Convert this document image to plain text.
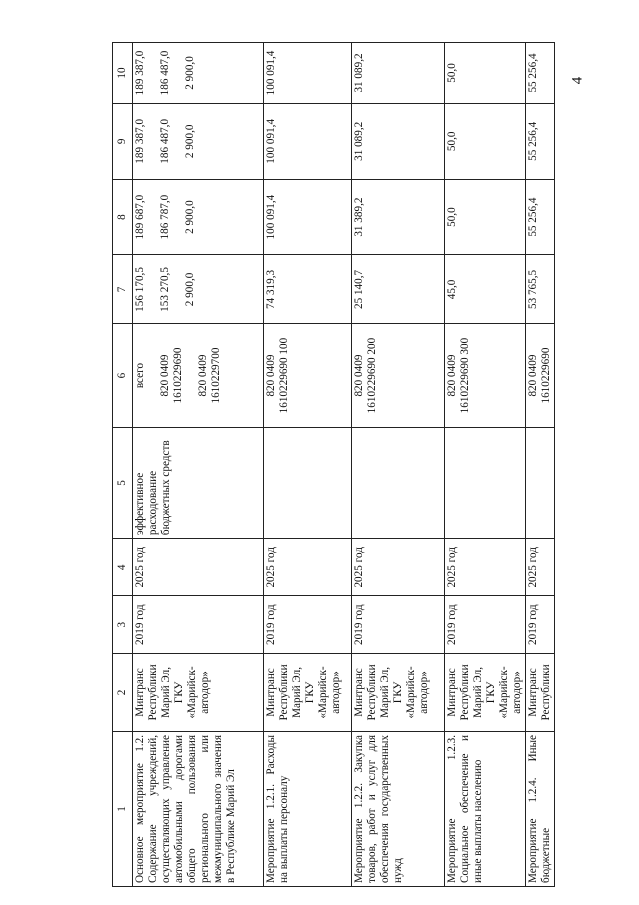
4
1	2	3	4	5	6	7	8	9	10
Основное мероприятие 1.2. Содержание учреждений, осуществляющих управление автомобильными дорогами общего пользования регионального или межмуниципального значения в Республике Марий Эл	Минтранс Республики Марий Эл, ГКУ «Марийск-автодор»	2019 год	2025 год	эффективное расходование бюджетных средств	всего 820 0409 1610229690 820 0409 1610229700	156 170,5 153 270,5 2 900,0	189 687,0 186 787,0 2 900,0	189 387,0 186 487,0 2 900,0	189 387,0 186 487,0 2 900,0

Мероприятие 1.2.1. Расходы на выплаты персоналу	Минтранс Республики Марий Эл, ГКУ «Марийск-автодор»	2019 год	2025 год		820 0409 1610229690 100	74 319,3	100 091,4	100 091,4	100 091,4
Мероприятие 1.2.2. Закупка товаров, работ и услуг для обеспечения государственных нужд	Минтранс Республики Марий Эл, ГКУ «Марийск-автодор»	2019 год	2025 год		820 0409 1610229690 200	25 140,7	31 389,2	31 089,2	31 089,2
Мероприятие 1.2.3. Социальное обеспечение и иные выплаты населению	Минтранс Республики Марий Эл, ГКУ «Марийск-автодор»	2019 год	2025 год		820 0409 1610229690 300	45,0	50,0	50,0	50,0
Мероприятие 1.2.4. Иные бюджетные	Минтранс Республики	2019 год	2025 год		820 0409 1610229690	53 765,5	55 256,4	55 256,4	55 256,4
